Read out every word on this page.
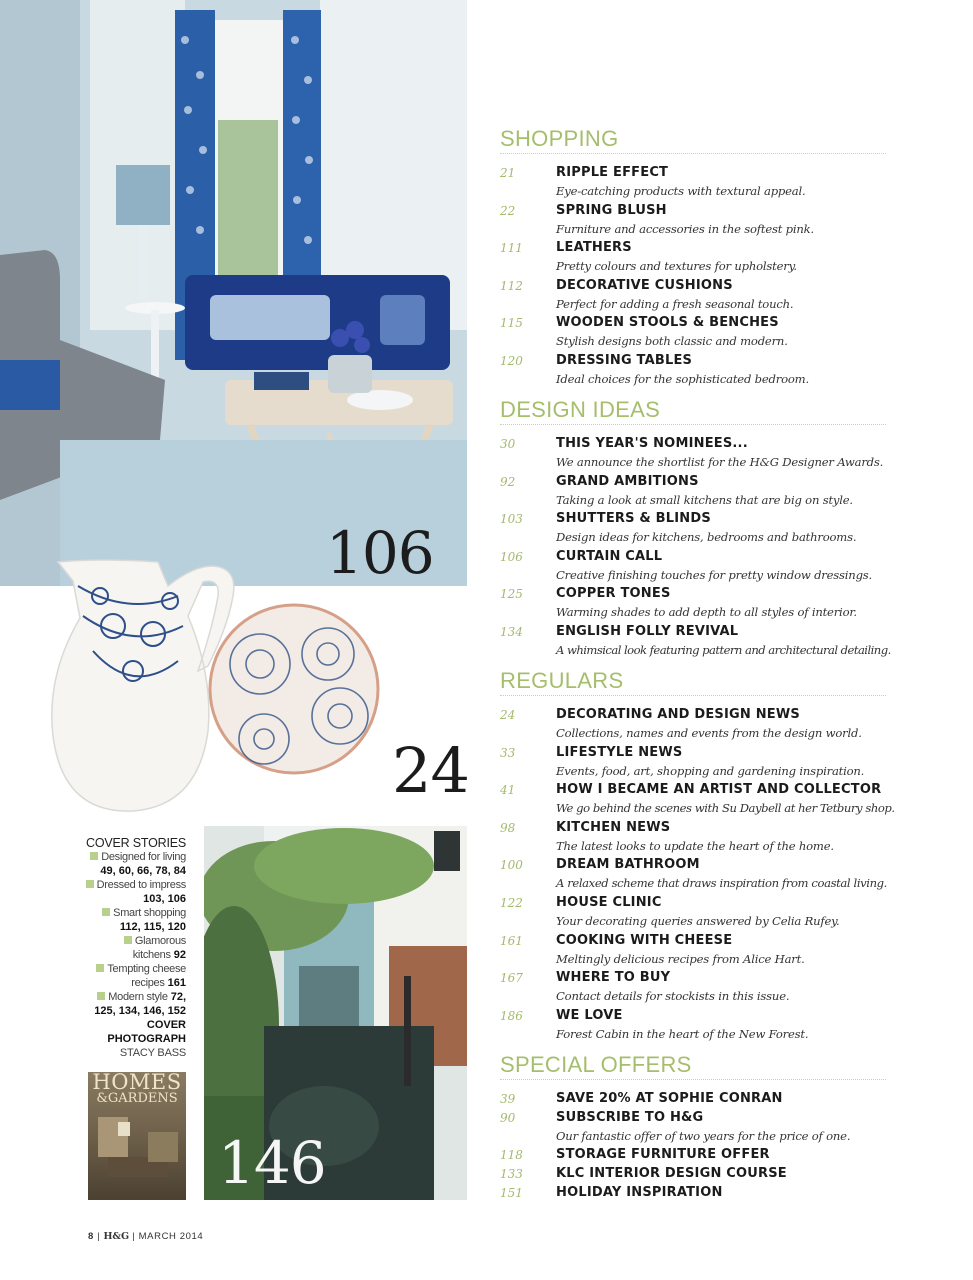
106
24
146
COVER STORIES
Designed for living
49, 60, 66, 78, 84
Dressed to impress
103, 106
Smart shopping
112, 115, 120
Glamorous
kitchens 92
Tempting cheese
recipes 161
Modern style 72, 125, 134, 146, 152
COVER
PHOTOGRAPH
STACY BASS
HOMES
&GARDENS
8 | H&G | MARCH 2014
SHOPPING
21	RIPPLE EFFECT
Eye-catching products with textural appeal.
22	SPRING BLUSH
Furniture and accessories in the softest pink.
111	LEATHERS
Pretty colours and textures for upholstery.
112	DECORATIVE CUSHIONS
Perfect for adding a fresh seasonal touch.
115	WOODEN STOOLS & BENCHES
Stylish designs both classic and modern.
120	DRESSING TABLES
Ideal choices for the sophisticated bedroom.
DESIGN IDEAS
30	THIS YEAR'S NOMINEES...
We announce the shortlist for the H&G Designer Awards.
92	GRAND AMBITIONS
Taking a look at small kitchens that are big on style.
103	SHUTTERS & BLINDS
Design ideas for kitchens, bedrooms and bathrooms.
106	CURTAIN CALL
Creative finishing touches for pretty window dressings.
125	COPPER TONES
Warming shades to add depth to all styles of interior.
134	ENGLISH FOLLY REVIVAL
A whimsical look featuring pattern and architectural detailing.
REGULARS
24	DECORATING AND DESIGN NEWS
Collections, names and events from the design world.
33	LIFESTYLE NEWS
Events, food, art, shopping and gardening inspiration.
41	HOW I BECAME AN ARTIST AND COLLECTOR
We go behind the scenes with Su Daybell at her Tetbury shop.
98	KITCHEN NEWS
The latest looks to update the heart of the home.
100	DREAM BATHROOM
A relaxed scheme that draws inspiration from coastal living.
122	HOUSE CLINIC
Your decorating queries answered by Celia Rufey.
161	COOKING WITH CHEESE
Meltingly delicious recipes from Alice Hart.
167	WHERE TO BUY
Contact details for stockists in this issue.
186	WE LOVE
Forest Cabin in the heart of the New Forest.
SPECIAL OFFERS
39	SAVE 20% AT SOPHIE CONRAN
90	SUBSCRIBE TO H&G
Our fantastic offer of two years for the price of one.
118	STORAGE FURNITURE OFFER
133	KLC INTERIOR DESIGN COURSE
151	HOLIDAY INSPIRATION
